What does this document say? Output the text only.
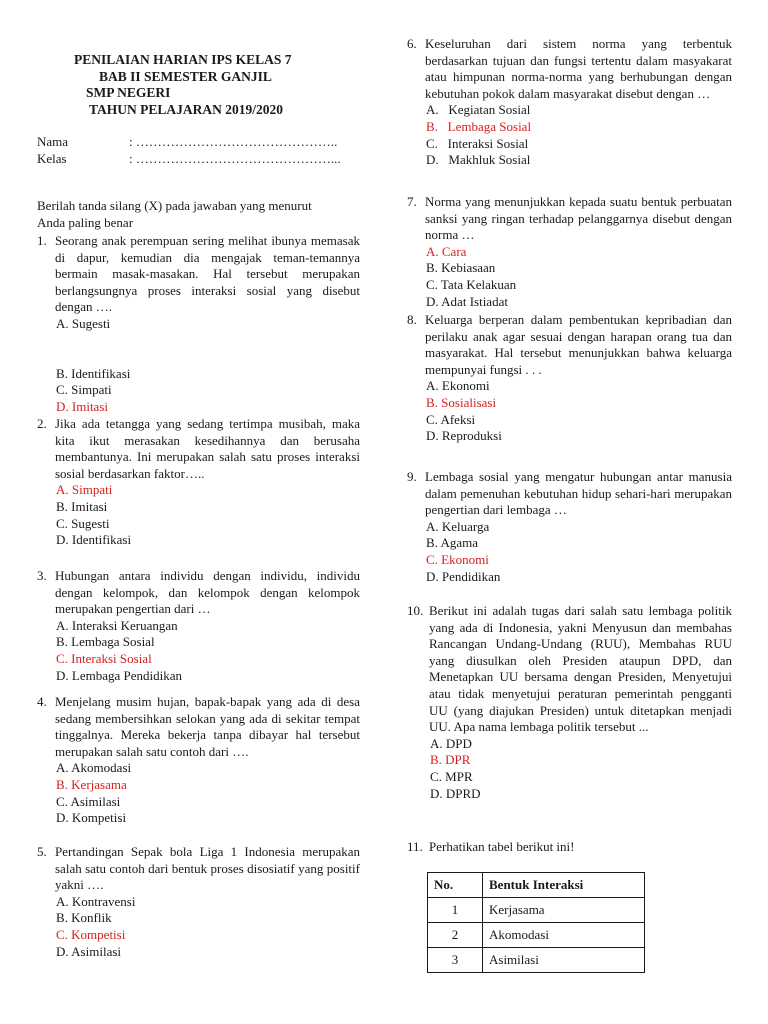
PENILAIAN HARIAN IPS KELAS 7
BAB II SEMESTER GANJIL
SMP NEGERI
TAHUN PELAJARAN 2019/2020
Nama	: ………………………………………..
Kelas	: ………………………………………...
Berilah tanda silang (X) pada jawaban yang menurut Anda paling benar
1. Seorang anak perempuan sering melihat ibunya memasak di dapur, kemudian dia mengajak teman-temannya bermain masak-masakan. Hal tersebut merupakan berlangsungnya proses interaksi sosial yang disebut dengan ….
A. Sugesti
B. Identifikasi
C. Simpati
D. Imitasi
2. Jika ada tetangga yang sedang tertimpa musibah, maka kita ikut merasakan kesedihannya dan berusaha membantunya. Ini merupakan salah satu proses interaksi sosial berdasarkan faktor…..
A. Simpati
B. Imitasi
C. Sugesti
D. Identifikasi
3. Hubungan antara individu dengan individu, individu dengan kelompok, dan kelompok dengan kelompok merupakan pengertian dari …
A. Interaksi Keruangan
B. Lembaga Sosial
C. Interaksi Sosial
D. Lembaga Pendidikan
4. Menjelang musim hujan, bapak-bapak yang ada di desa sedang membersihkan selokan yang ada di sekitar tempat tinggalnya. Mereka bekerja tanpa dibayar hal tersebut merupakan salah satu contoh dari ….
A. Akomodasi
B. Kerjasama
C. Asimilasi
D. Kompetisi
5. Pertandingan Sepak bola Liga 1 Indonesia merupakan salah satu contoh dari bentuk proses disosiatif yang positif yakni ….
A. Kontravensi
B. Konflik
C. Kompetisi
D. Asimilasi
6. Keseluruhan dari sistem norma yang terbentuk berdasarkan tujuan dan fungsi tertentu dalam masyakarat atau himpunan norma-norma yang berhubungan dengan kebutuhan pokok dalam masyarakat disebut dengan …
A.   Kegiatan Sosial
B.   Lembaga Sosial
C.   Interaksi Sosial
D.   Makhluk Sosial
7. Norma yang menunjukkan kepada suatu bentuk perbuatan sanksi yang ringan terhadap pelanggarnya disebut dengan norma …
A. Cara
B. Kebiasaan
C. Tata Kelakuan
D. Adat Istiadat
8. Keluarga berperan dalam pembentukan kepribadian dan perilaku anak agar sesuai dengan harapan orang tua dan masyarakat. Hal tersebut menunjukkan bahwa keluarga mempunyai fungsi . . .
A. Ekonomi
B. Sosialisasi
C. Afeksi
D. Reproduksi
9. Lembaga sosial yang mengatur hubungan antar manusia dalam pemenuhan kebutuhan hidup sehari-hari merupakan pengertian dari lembaga …
A. Keluarga
B. Agama
C. Ekonomi
D. Pendidikan
10. Berikut ini adalah tugas dari salah satu lembaga politik yang ada di Indonesia, yakni Menyusun dan membahas Rancangan Undang-Undang (RUU), Membahas RUU yang diusulkan oleh Presiden ataupun DPD, dan Menetapkan UU bersama dengan Presiden, Menyetujui atau tidak menyetujui peraturan pemerintah pengganti UU (yang diajukan Presiden) untuk ditetapkan menjadi UU. Apa nama lembaga politik tersebut ...
A. DPD
B. DPR
C. MPR
D. DPRD
11. Perhatikan tabel berikut ini!
No.	Bentuk Interaksi
1	Kerjasama
2	Akomodasi
3	Asimilasi
